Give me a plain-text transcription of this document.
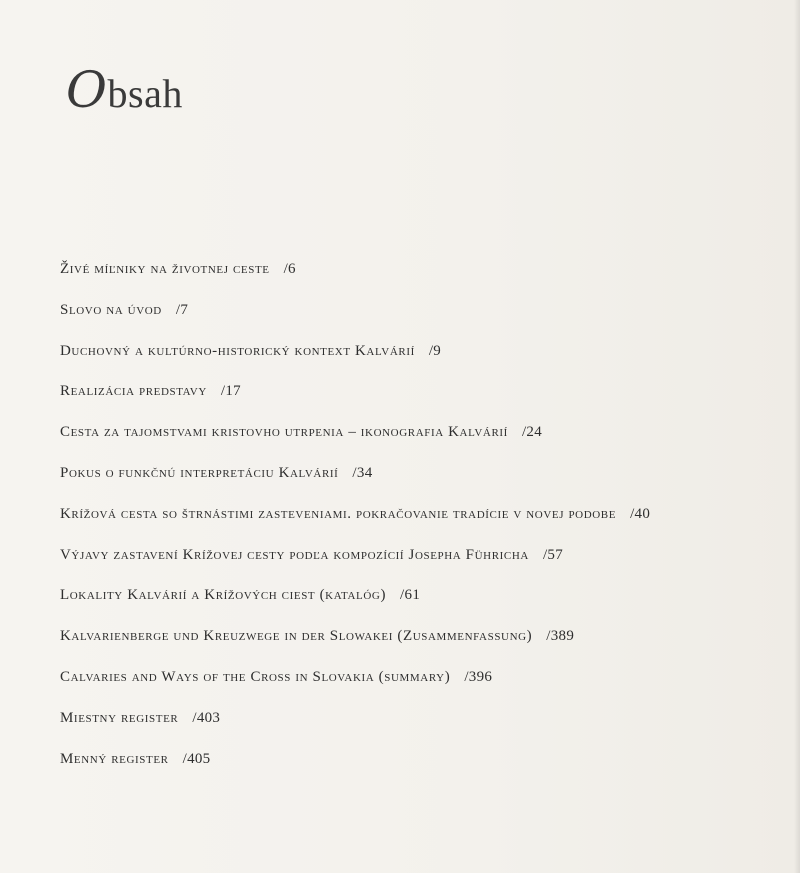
Obsah
Živé míľniky na životnej ceste /6
Slovo na úvod /7
Duchovný a kultúrno-historický kontext Kalvárií /9
Realizácia predstavy /17
Cesta za tajomstvami kristovho utrpenia – ikonografia Kalvárií /24
Pokus o funkčnú interpretáciu Kalvárií /34
Krížová cesta so štrnástimi zasteveniami. pokračovanie tradície v novej podobe /40
Výjavy zastavení Krížovej cesty podľa kompozícií Josepha Führicha /57
Lokality Kalvárií a Krížových ciest (katalóg) /61
Kalvarienberge und Kreuzwege in der Slowakei (Zusammenfassung) /389
Calvaries and Ways of the Cross in Slovakia (summary) /396
Miestny register /403
Menný register /405
